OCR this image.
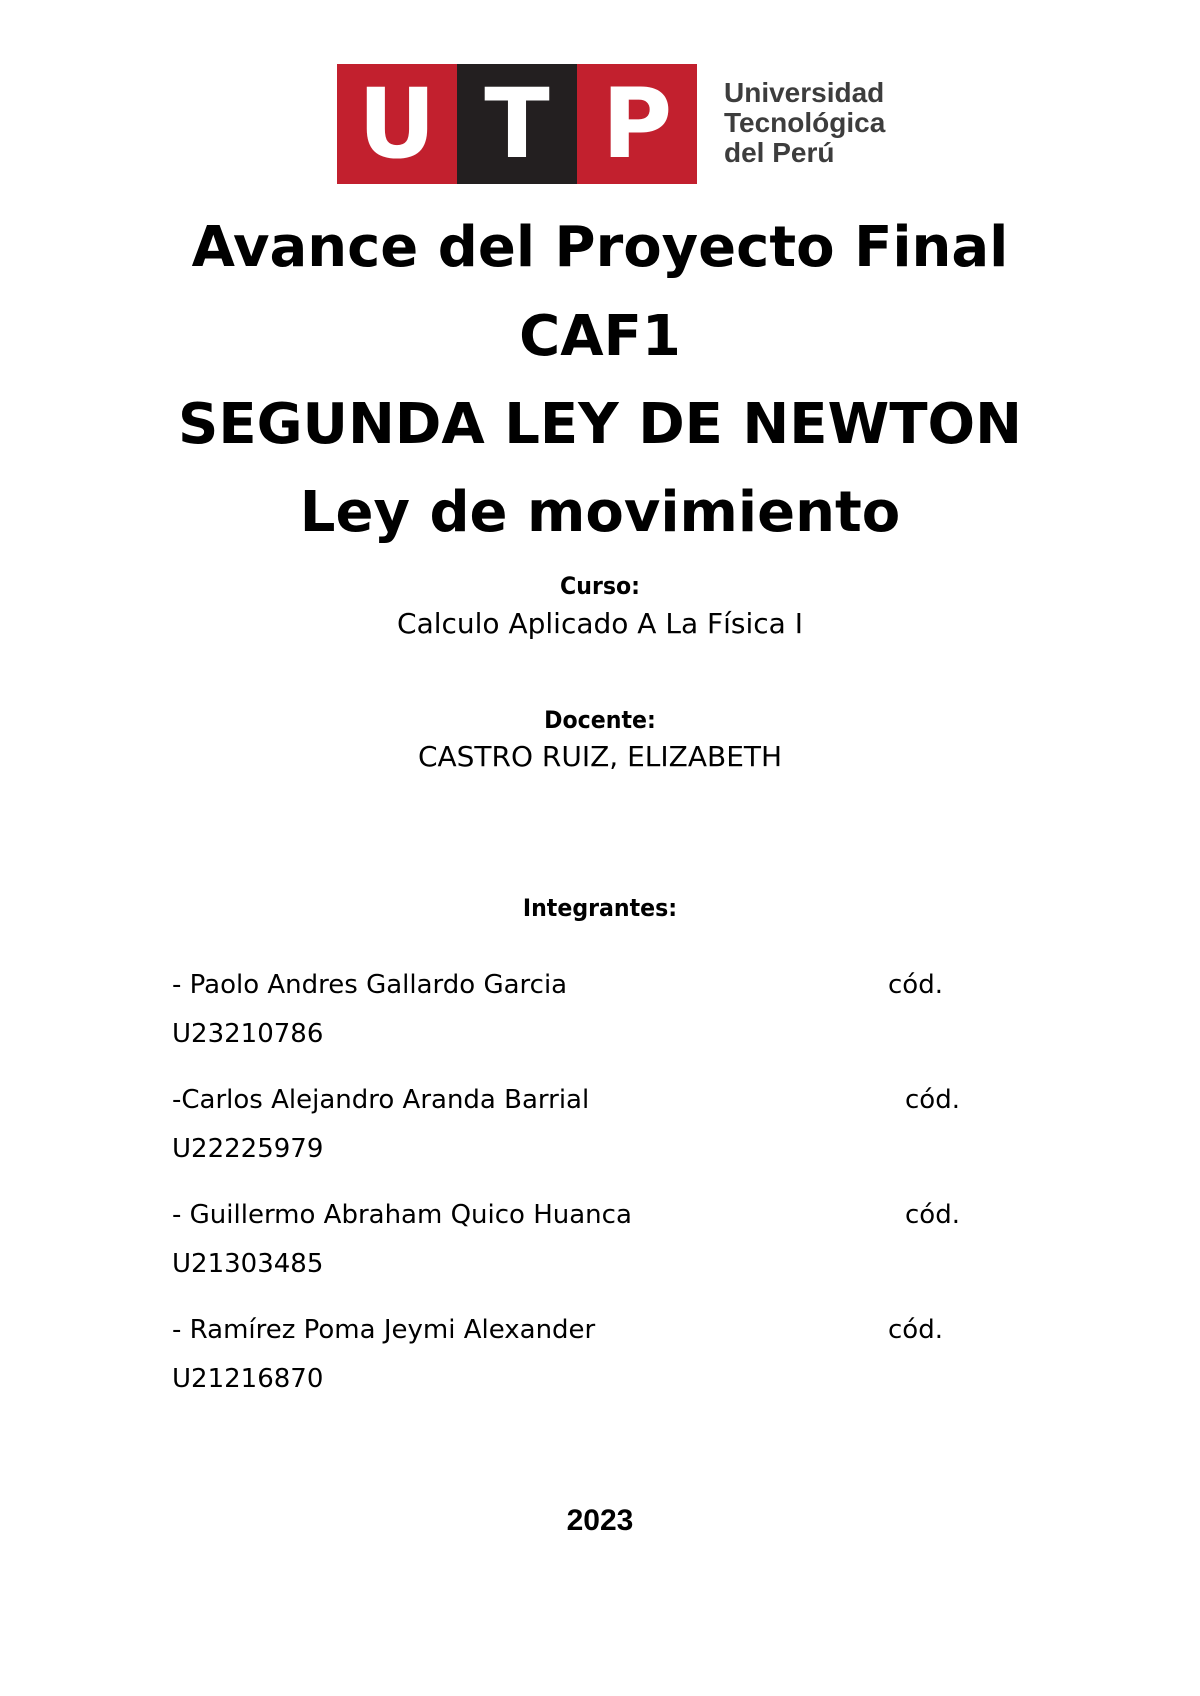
U T P	Universidad
Tecnológica
del Perú
Avance del Proyecto Final
CAF1
SEGUNDA LEY DE NEWTON
Ley de movimiento
Curso:
Calculo Aplicado A La Física I
Docente:
CASTRO RUIZ, ELIZABETH
Integrantes:
- Paolo Andres Gallardo Garcia	cód.
U23210786
-Carlos Alejandro Aranda Barrial	cód.
U22225979
- Guillermo Abraham Quico Huanca	cód.
U21303485
- Ramírez Poma Jeymi Alexander	cód.
U21216870
2023
